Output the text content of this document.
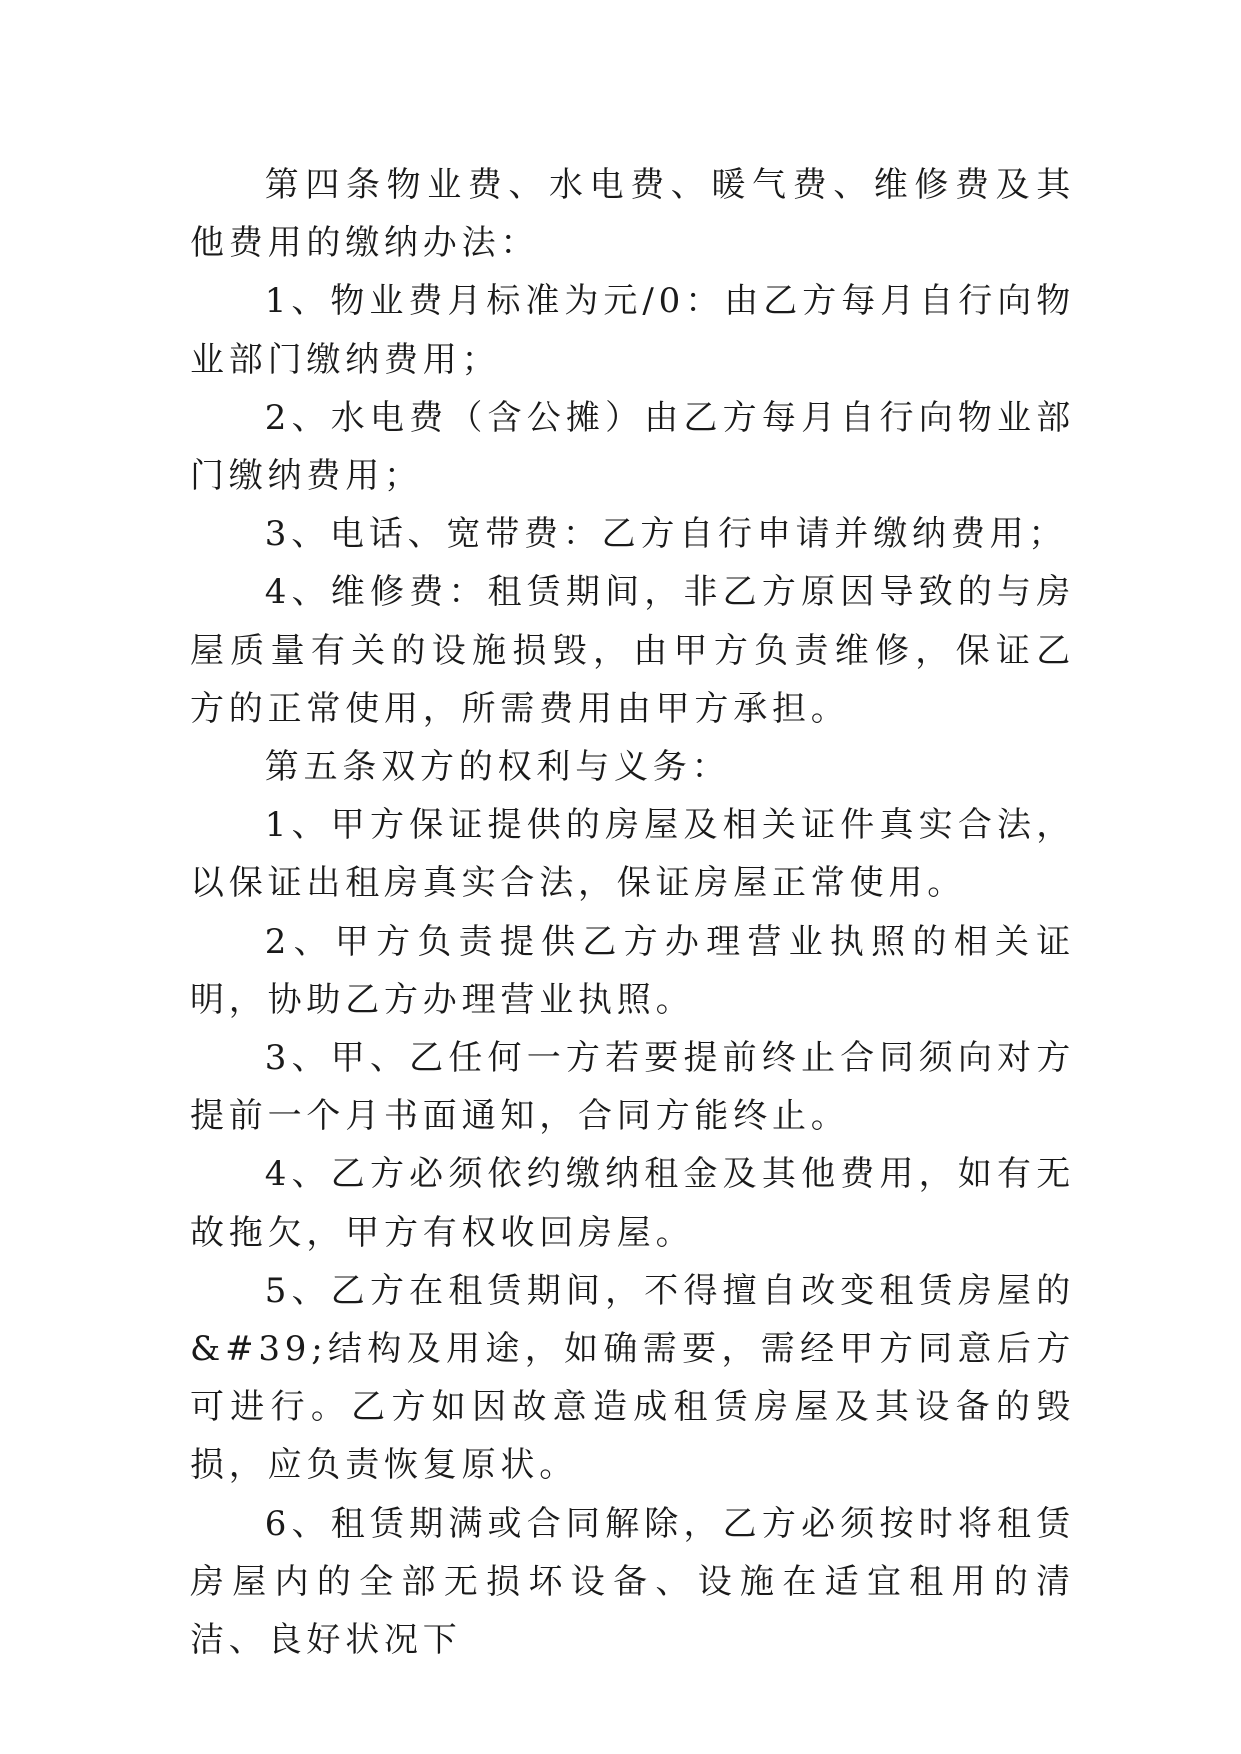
第四条物业费、水电费、暖气费、维修费及其他费用的缴纳办法：

1、物业费月标准为元/0：由乙方每月自行向物业部门缴纳费用；

2、水电费（含公摊）由乙方每月自行向物业部门缴纳费用；

3、电话、宽带费：乙方自行申请并缴纳费用；

4、维修费：租赁期间，非乙方原因导致的与房屋质量有关的设施损毁，由甲方负责维修，保证乙方的正常使用，所需费用由甲方承担。

第五条双方的权利与义务：

1、甲方保证提供的房屋及相关证件真实合法，以保证出租房真实合法，保证房屋正常使用。

2、甲方负责提供乙方办理营业执照的相关证明，协助乙方办理营业执照。

3、甲、乙任何一方若要提前终止合同须向对方提前一个月书面通知，合同方能终止。

4、乙方必须依约缴纳租金及其他费用，如有无故拖欠，甲方有权收回房屋。

5、乙方在租赁期间，不得擅自改变租赁房屋的&#39;结构及用途，如确需要，需经甲方同意后方可进行。乙方如因故意造成租赁房屋及其设备的毁损，应负责恢复原状。

6、租赁期满或合同解除，乙方必须按时将租赁房屋内的全部无损坏设备、设施在适宜租用的清洁、良好状况下
